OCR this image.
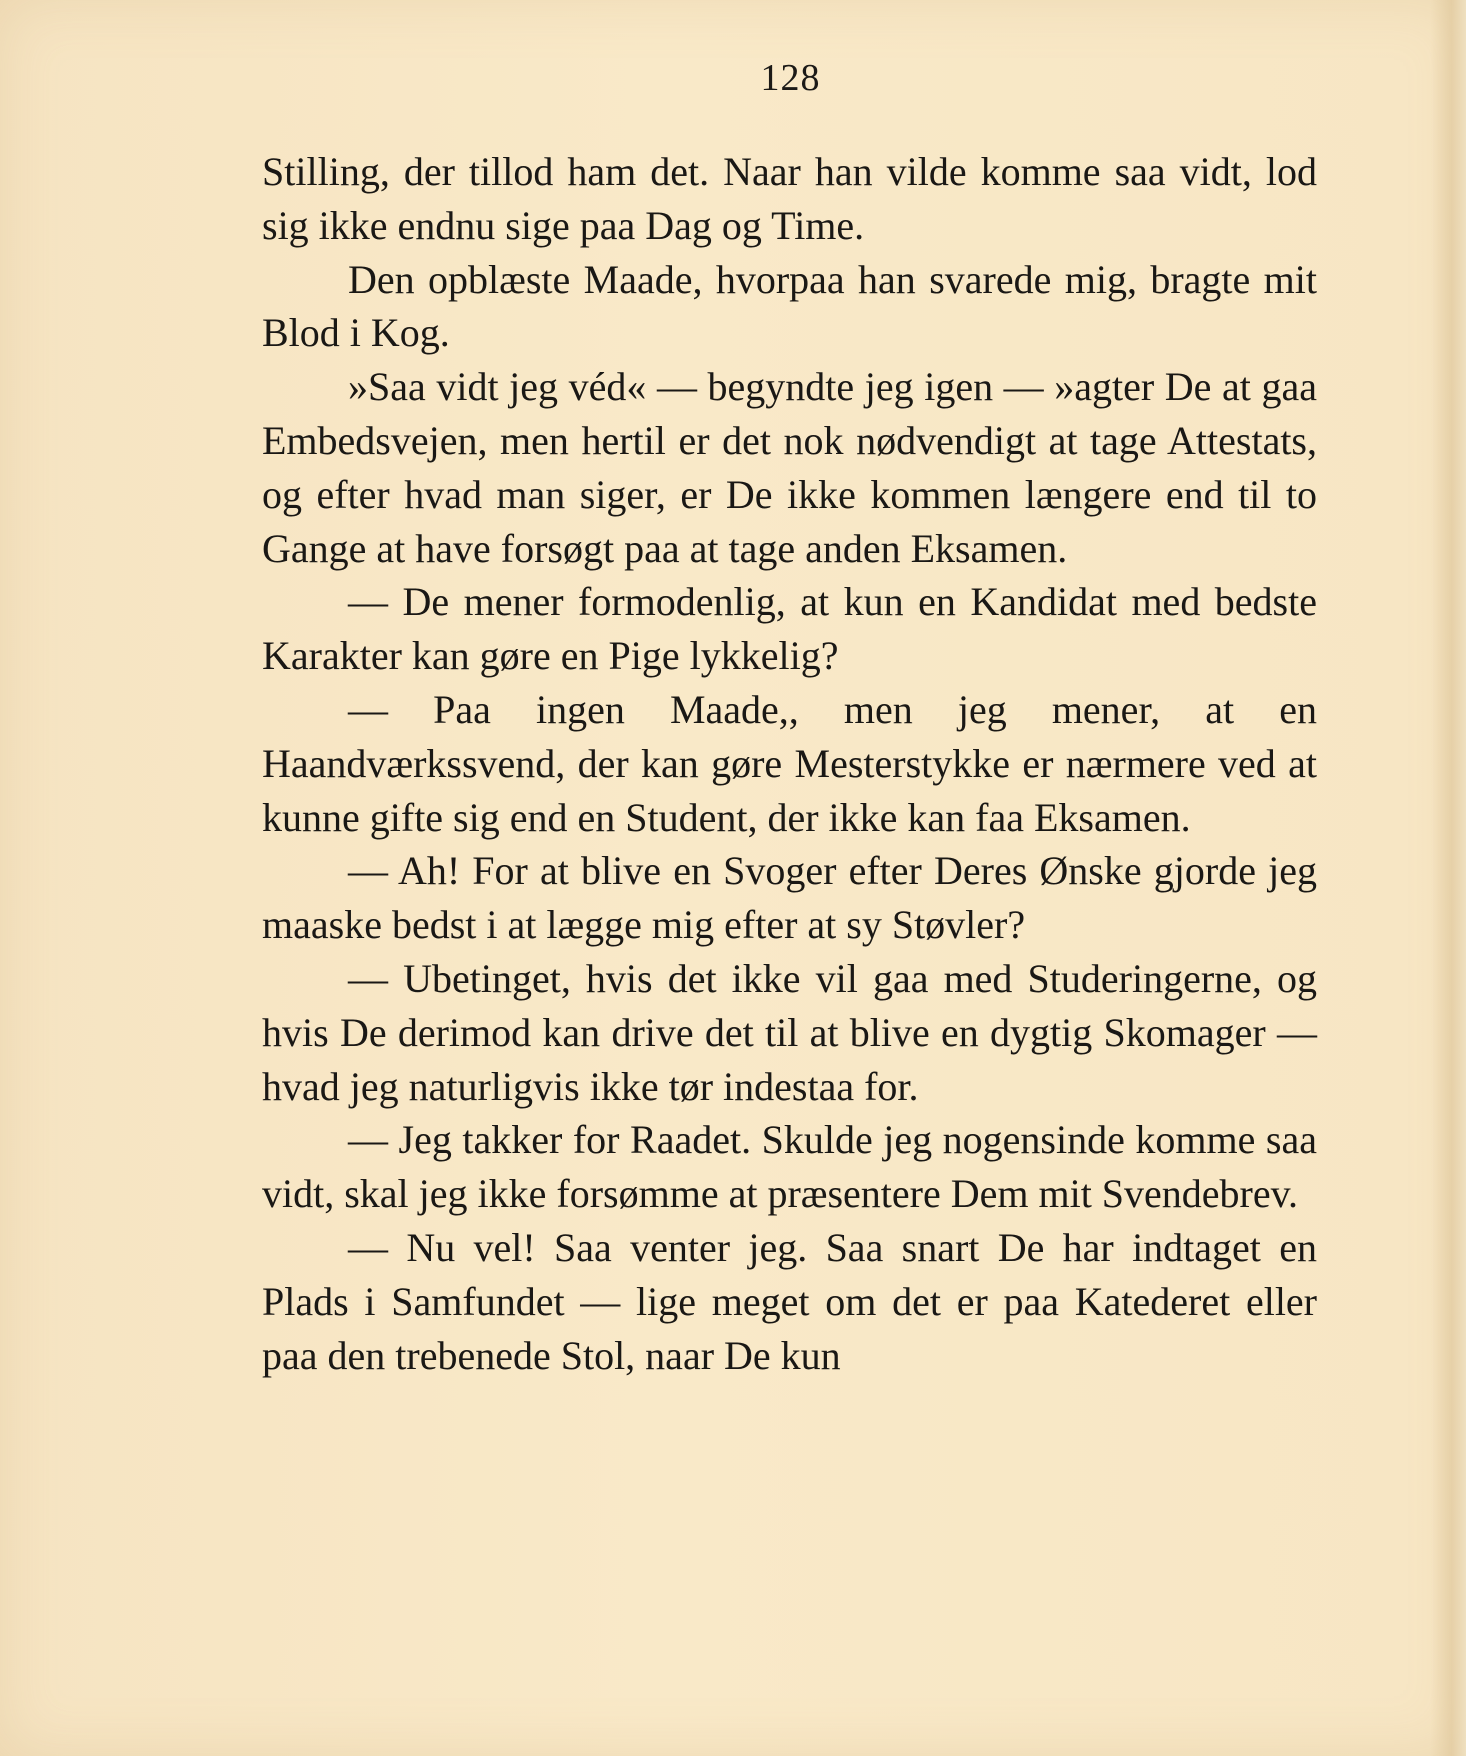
128

Stilling, der tillod ham det. Naar han vilde komme saa vidt, lod sig ikke endnu sige paa Dag og Time.

Den opblæste Maade, hvorpaa han svarede mig, bragte mit Blod i Kog.

»Saa vidt jeg véd« — begyndte jeg igen — »agter De at gaa Embedsvejen, men hertil er det nok nødvendigt at tage Attestats, og efter hvad man siger, er De ikke kommen længere end til to Gange at have forsøgt paa at tage anden Eksamen.

— De mener formodenlig, at kun en Kandidat med bedste Karakter kan gøre en Pige lykkelig?

— Paa ingen Maade,, men jeg mener, at en Haandværkssvend, der kan gøre Mesterstykke er nærmere ved at kunne gifte sig end en Student, der ikke kan faa Eksamen.

— Ah! For at blive en Svoger efter Deres Ønske gjorde jeg maaske bedst i at lægge mig efter at sy Støvler?

— Ubetinget, hvis det ikke vil gaa med Studeringerne, og hvis De derimod kan drive det til at blive en dygtig Skomager — hvad jeg naturligvis ikke tør indestaa for.

— Jeg takker for Raadet. Skulde jeg nogensinde komme saa vidt, skal jeg ikke forsømme at præsentere Dem mit Svendebrev.

— Nu vel! Saa venter jeg. Saa snart De har indtaget en Plads i Samfundet — lige meget om det er paa Katederet eller paa den trebenede Stol, naar De kun
